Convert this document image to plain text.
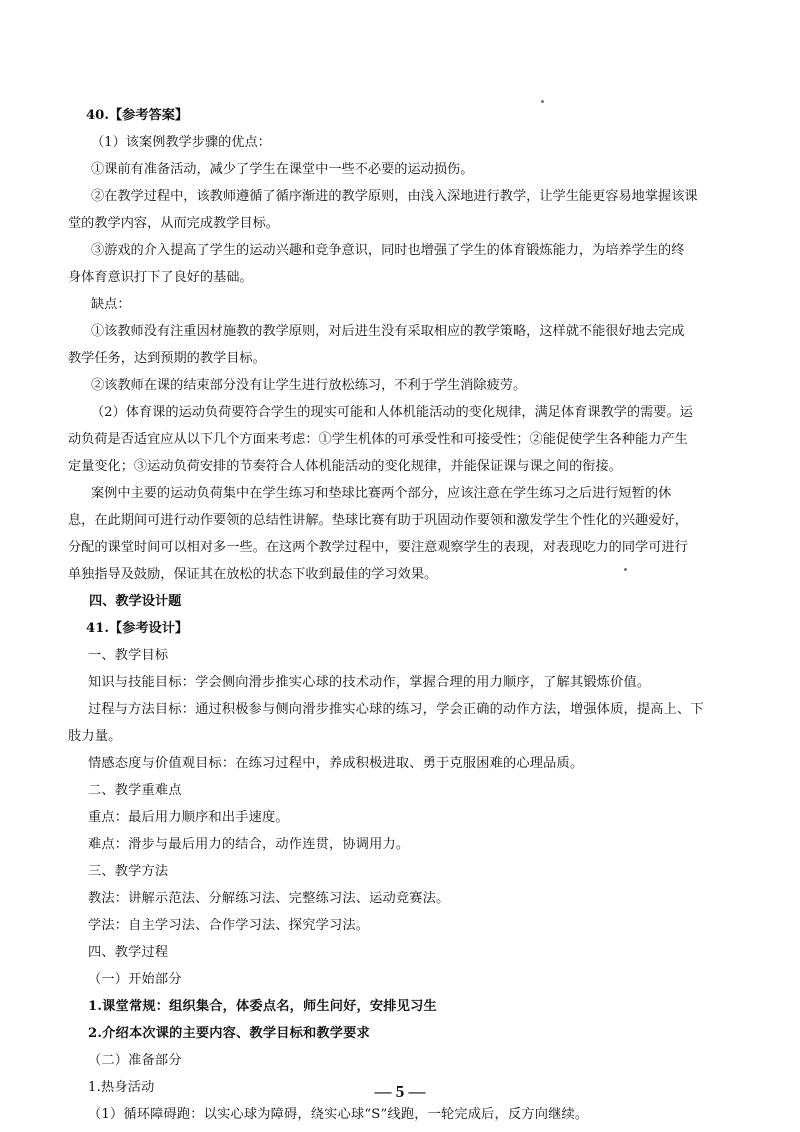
40.【参考答案】
（1）该案例教学步骤的优点：
①课前有准备活动，减少了学生在课堂中一些不必要的运动损伤。
②在教学过程中，该教师遵循了循序渐进的教学原则，由浅入深地进行教学，让学生能更容易地掌握该课
堂的教学内容，从而完成教学目标。
③游戏的介入提高了学生的运动兴趣和竞争意识，同时也增强了学生的体育锻炼能力，为培养学生的终
身体育意识打下了良好的基础。
缺点：
①该教师没有注重因材施教的教学原则，对后进生没有采取相应的教学策略，这样就不能很好地去完成
教学任务，达到预期的教学目标。
②该教师在课的结束部分没有让学生进行放松练习，不利于学生消除疲劳。
（2）体育课的运动负荷要符合学生的现实可能和人体机能活动的变化规律，满足体育课教学的需要。运
动负荷是否适宜应从以下几个方面来考虑：①学生机体的可承受性和可接受性；②能促使学生各种能力产生
定量变化；③运动负荷安排的节奏符合人体机能活动的变化规律，并能保证课与课之间的衔接。
案例中主要的运动负荷集中在学生练习和垫球比赛两个部分，应该注意在学生练习之后进行短暂的休
息，在此期间可进行动作要领的总结性讲解。垫球比赛有助于巩固动作要领和激发学生个性化的兴趣爱好，
分配的课堂时间可以相对多一些。在这两个教学过程中，要注意观察学生的表现，对表现吃力的同学可进行
单独指导及鼓励，保证其在放松的状态下收到最佳的学习效果。
四、教学设计题
41.【参考设计】
一、教学目标
知识与技能目标：学会侧向滑步推实心球的技术动作，掌握合理的用力顺序，了解其锻炼价值。
过程与方法目标：通过积极参与侧向滑步推实心球的练习，学会正确的动作方法，增强体质，提高上、下
肢力量。
情感态度与价值观目标：在练习过程中，养成积极进取、勇于克服困难的心理品质。
二、教学重难点
重点：最后用力顺序和出手速度。
难点：滑步与最后用力的结合，动作连贯，协调用力。
三、教学方法
教法：讲解示范法、分解练习法、完整练习法、运动竞赛法。
学法：自主学习法、合作学习法、探究学习法。
四、教学过程
（一）开始部分
1.课堂常规：组织集合，体委点名，师生问好，安排见习生
2.介绍本次课的主要内容、教学目标和教学要求
（二）准备部分
1.热身活动
（1）循环障碍跑：以实心球为障碍，绕实心球“S”线跑，一轮完成后，反方向继续。
— 5 —
